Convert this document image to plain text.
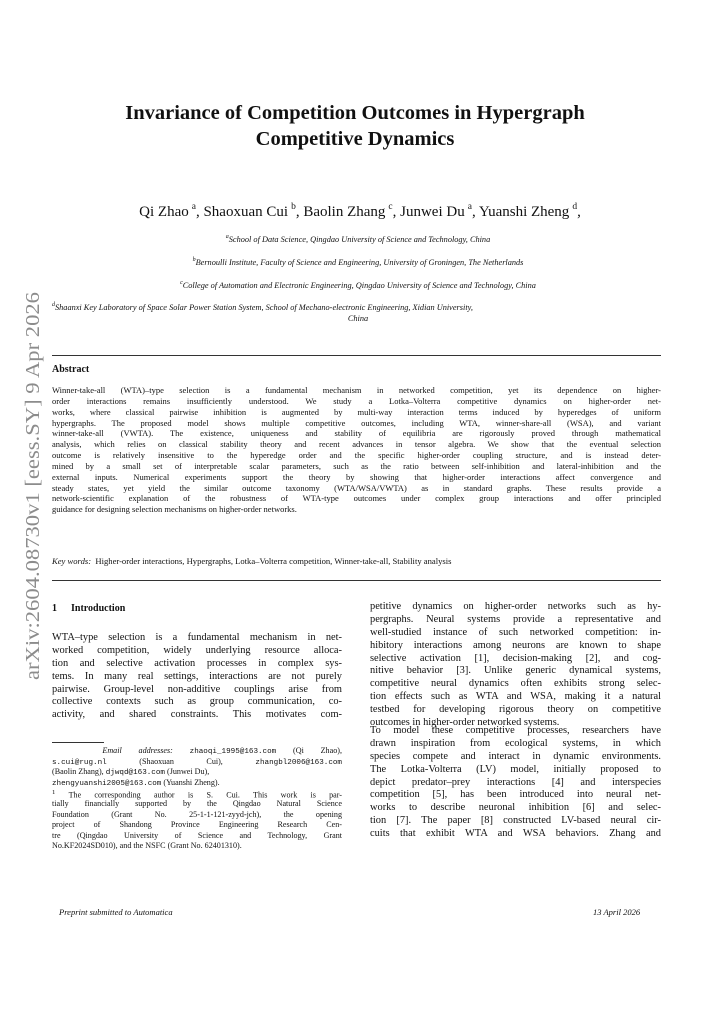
arXiv:2604.08730v1 [eess.SY] 9 Apr 2026
Invariance of Competition Outcomes in Hypergraph
Competitive Dynamics
Qi Zhao  $^a$, Shaoxuan Cui  $^b$, Baolin Zhang  $^c$, Junwei Du  $^a$, Yuanshi Zheng  $^d$,
$^a$School of Data Science, Qingdao University of Science and Technology, China
$^b$Bernoulli Institute, Faculty of Science and Engineering, University of Groningen, The Netherlands
$^c$College of Automation and Electronic Engineering, Qingdao University of Science and Technology, China
$^d$Shaanxi Key Laboratory of Space Solar Power Station System, School of Mechano-electronic Engineering, Xidian University,
China
Abstract
Winner-take-all (WTA)–type selection is a fundamental mechanism in networked competition, yet its dependence on higher-
order interactions remains insufficiently understood. We study a Lotka–Volterra competitive dynamics on higher-order net-
works, where classical pairwise inhibition is augmented by multi-way interaction terms induced by hyperedges of uniform
hypergraphs. The proposed model shows multiple competitive outcomes, including WTA, winner-share-all (WSA), and variant
winner-take-all (VWTA). The existence, uniqueness and stability of equilibria are rigorously proved through mathematical
analysis, which relies on classical stability theory and recent advances in tensor algebra. We show that the eventual selection
outcome is relatively insensitive to the hyperedge order and the specific higher-order coupling structure, and is instead deter-
mined by a small set of interpretable scalar parameters, such as the ratio between self-inhibition and lateral-inhibition and the
external inputs. Numerical experiments support the theory by showing that higher-order interactions affect convergence and
steady states, yet yield the similar outcome taxonomy (WTA/WSA/VWTA) as in standard graphs. These results provide a
network-scientific explanation of the robustness of WTA-type outcomes under complex group interactions and offer principled
guidance for designing selection mechanisms on higher-order networks.
Key words: Higher-order interactions, Hypergraphs, Lotka–Volterra competition, Winner-take-all, Stability analysis
1 Introduction
WTA–type selection is a fundamental mechanism in net-
worked competition, widely underlying resource alloca-
tion and selective activation processes in complex sys-
tems. In many real settings, interactions are not purely
pairwise. Group-level non-additive couplings arise from
collective contexts such as group communication, co-
activity, and shared constraints. This motivates com-
Email addresses: zhaoqi_1995@163.com (Qi Zhao),
s.cui@rug.nl	(Shaoxuan Cui),	zhangbl2006@163.com
(Baolin Zhang), djwqd@163.com (Junwei Du),
zhengyuanshi2005@163.com (Yuanshi Zheng).
$^1$ The corresponding author is S. Cui. This work is par-
tially financially supported by the Qingdao Natural Science
Foundation (Grant No. 25-1-1-121-zyyd-jch), the opening
project of Shandong Province Engineering Research Cen-
tre (Qingdao University of Science and Technology, Grant
No.KF2024SD010), and the NSFC (Grant No. 62401310).
petitive dynamics on higher-order networks such as hy-
pergraphs. Neural systems provide a representative and
well-studied instance of such networked competition: in-
hibitory interactions among neurons are known to shape
selective activation [1], decision-making [2], and cog-
nitive behavior [3]. Unlike generic dynamical systems,
competitive neural dynamics often exhibits strong selec-
tion effects such as WTA and WSA, making it a natural
testbed for developing rigorous theory on competitive
outcomes in higher-order networked systems.
To model these competitive processes, researchers have
drawn inspiration from ecological systems, in which
species compete and interact in dynamic environments.
The Lotka-Volterra (LV) model, initially proposed to
depict predator–prey interactions [4] and interspecies
competition [5], has been introduced into neural net-
works to describe neuronal inhibition [6] and selec-
tion [7]. The paper [8] constructed LV-based neural cir-
cuits that exhibit WTA and WSA behaviors. Zhang and
Preprint submitted to Automatica	13 April 2026
